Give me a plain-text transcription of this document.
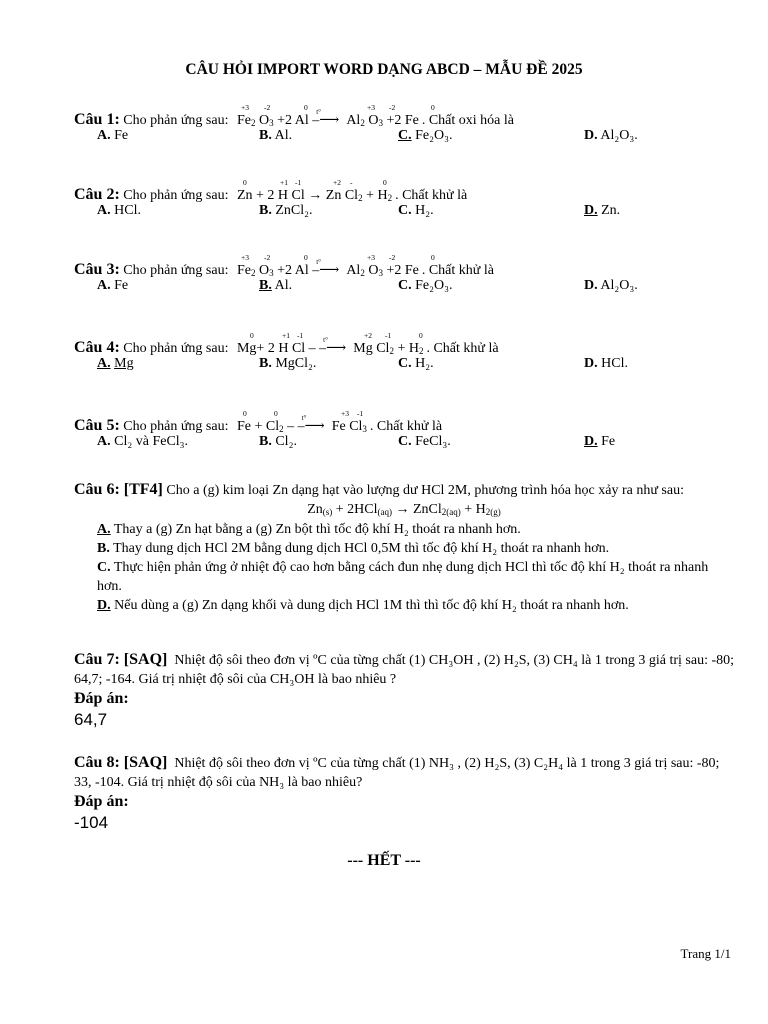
CÂU HỎI IMPORT WORD DẠNG ABCD – MẪU ĐỀ 2025
Câu 1: Cho phản ứng sau:
+3 -2	0	+3 -2	0
$Fe_2$ $O_3 +2$ Al –
t°
⟶  $Al_2$ $O_3 +2$ Fe . Chất oxi hóa là
A. Fe	B. Al.	C. Fe₂O₃.	D. Al₂O₃.
Câu 2: Cho phản ứng sau:
0	+1 -1	+2 -	0
Zn + 2 H Cl → Zn $Cl_2 + H_2$ . Chất khử là
A. HCl.	B. ZnCl₂.	C. H₂.	D. Zn.
Câu 3: Cho phản ứng sau:
+3 -2	0	+3 -2	0
$Fe_2$ $O_3 +2$ Al –
t°
⟶  $Al_2$ $O_3 +2$ Fe . Chất khử là
A. Fe	B. Al.	C. Fe₂O₃.	D. Al₂O₃.
Câu 4: Cho phản ứng sau:
0	+1 -1	+2 -1	0
Mg+ 2 H Cl – –
t°
⟶  Mg $Cl_2 + H_2$ . Chất khử là
A. Mg	B. MgCl₂.	C. H₂.	D. HCl.
Câu 5: Cho phản ứng sau:
0	0	+3 -1
$Fe + Cl_2$ – –
t°
⟶  Fe $Cl_3$ . Chất khử là
A. Cl₂ và FeCl₃.	B. Cl₂.	C. FeCl₃.	D. Fe
Câu 6: [TF4] Cho a (g) kim loại Zn dạng hạt vào lượng dư HCl 2M, phương trình hóa học xảy ra như sau:
$Zn_{(s)} + 2HCl_{(aq)}$ → ZnCl$_{2(aq)}$ + $H_{2(g)}$
A. Thay a (g) Zn hạt bằng a (g) Zn bột thì tốc độ khí H₂ thoát ra nhanh hơn.
B. Thay dung dịch HCl 2M bằng dung dịch HCl 0,5M thì tốc độ khí H₂ thoát ra nhanh hơn.
C. Thực hiện phản ứng ở nhiệt độ cao hơn bằng cách đun nhẹ dung dịch HCl thì tốc độ khí H₂ thoát ra nhanh hơn.
D. Nếu dùng a (g) Zn dạng khối và dung dịch HCl 1M thì thì tốc độ khí H₂ thoát ra nhanh hơn.
Câu 7: [SAQ] Nhiệt độ sôi theo đơn vị ºC của từng chất (1) CH₃OH , (2) H₂S, (3) CH₄ là 1 trong 3 giá trị sau: -80; 64,7; -164. Giá trị nhiệt độ sôi của CH₃OH là bao nhiêu ?
Đáp án:
64,7
Câu 8: [SAQ] Nhiệt độ sôi theo đơn vị ºC của từng chất (1) NH₃ , (2) H₂S, (3) C₂H₄ là 1 trong 3 giá trị sau: -80; 33, -104. Giá trị nhiệt độ sôi của NH₃ là bao nhiêu?
Đáp án:
-104
--- HẾT ---
Trang 1/1
